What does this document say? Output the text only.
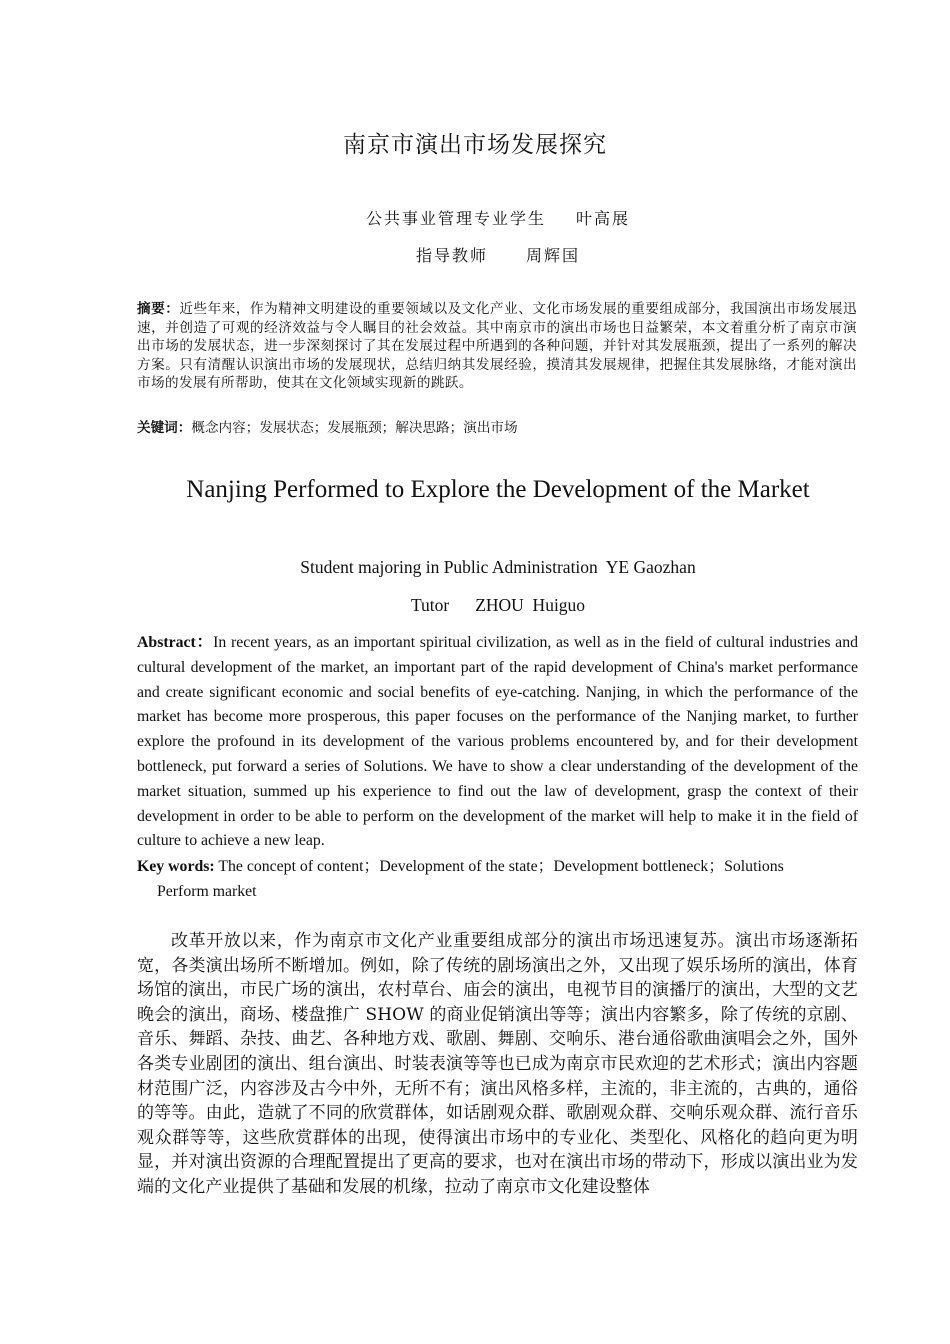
南京市演出市场发展探究
公共事业管理专业学生 叶高展
指导教师 周辉国
摘要：近些年来，作为精神文明建设的重要领域以及文化产业、文化市场发展的重要组成部分，我国演出市场发展迅速，并创造了可观的经济效益与令人瞩目的社会效益。其中南京市的演出市场也日益繁荣，本文着重分析了南京市演出市场的发展状态，进一步深刻探讨了其在发展过程中所遇到的各种问题，并针对其发展瓶颈，提出了一系列的解决方案。只有清醒认识演出市场的发展现状，总结归纳其发展经验，摸清其发展规律，把握住其发展脉络，才能对演出市场的发展有所帮助，使其在文化领域实现新的跳跃。
关键词：概念内容；发展状态；发展瓶颈；解决思路；演出市场
Nanjing Performed to Explore the Development of the Market
Student majoring in Public Administration YE Gaozhan
Tutor ZHOU  Huiguo
Abstract：In recent years, as an important spiritual civilization, as well as in the field of cultural industries and cultural development of the market, an important part of the rapid development of China's market performance and create significant economic and social benefits of eye-catching. Nanjing, in which the performance of the market has become more prosperous, this paper focuses on the performance of the Nanjing market, to further explore the profound in its development of the various problems encountered by, and for their development bottleneck, put forward a series of Solutions. We have to show a clear understanding of the development of the market situation, summed up his experience to find out the law of development, grasp the context of their development in order to be able to perform on the development of the market will help to make it in the field of culture to achieve a new leap.
Key words: The concept of content；Development of the state；Development bottleneck；Solutions
Perform market
改革开放以来，作为南京市文化产业重要组成部分的演出市场迅速复苏。演出市场逐渐拓宽，各类演出场所不断增加。例如，除了传统的剧场演出之外，又出现了娱乐场所的演出，体育场馆的演出，市民广场的演出，农村草台、庙会的演出，电视节目的演播厅的演出，大型的文艺晚会的演出，商场、楼盘推广 SHOW 的商业促销演出等等；演出内容繁多，除了传统的京剧、音乐、舞蹈、杂技、曲艺、各种地方戏、歌剧、舞剧、交响乐、港台通俗歌曲演唱会之外，国外各类专业剧团的演出、组台演出、时装表演等等也已成为南京市民欢迎的艺术形式；演出内容题材范围广泛，内容涉及古今中外，无所不有；演出风格多样，主流的，非主流的，古典的，通俗的等等。由此，造就了不同的欣赏群体，如话剧观众群、歌剧观众群、交响乐观众群、流行音乐观众群等等，这些欣赏群体的出现，使得演出市场中的专业化、类型化、风格化的趋向更为明显，并对演出资源的合理配置提出了更高的要求，也对在演出市场的带动下，形成以演出业为发端的文化产业提供了基础和发展的机缘，拉动了南京市文化建设整体
